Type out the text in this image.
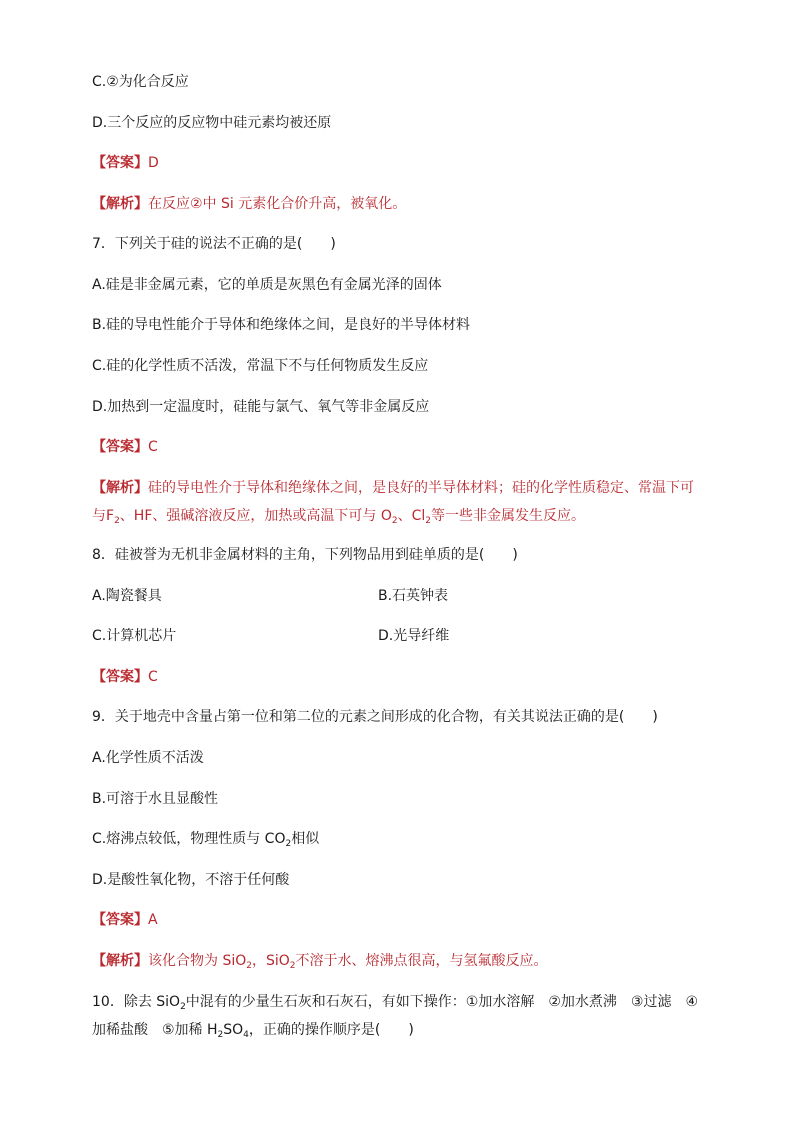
C.②为化合反应
D.三个反应的反应物中硅元素均被还原
【答案】D
【解析】在反应②中 Si 元素化合价升高，被氧化。
7．下列关于硅的说法不正确的是(　　)
A.硅是非金属元素，它的单质是灰黑色有金属光泽的固体
B.硅的导电性能介于导体和绝缘体之间，是良好的半导体材料
C.硅的化学性质不活泼，常温下不与任何物质发生反应
D.加热到一定温度时，硅能与氯气、氧气等非金属反应
【答案】C
【解析】硅的导电性介于导体和绝缘体之间，是良好的半导体材料；硅的化学性质稳定、常温下可
与$F_2$、HF、强碱溶液反应，加热或高温下可与 $O_2$、$Cl_2$等一些非金属发生反应。
8．硅被誉为无机非金属材料的主角，下列物品用到硅单质的是(　　)
A.陶瓷餐具	B.石英钟表
C.计算机芯片	D.光导纤维
【答案】C
9．关于地壳中含量占第一位和第二位的元素之间形成的化合物，有关其说法正确的是(　　)
A.化学性质不活泼
B.可溶于水且显酸性
C.熔沸点较低，物理性质与 $CO_2$相似
D.是酸性氧化物，不溶于任何酸
【答案】A
【解析】该化合物为 SiO$_2$，SiO$_2$不溶于水、熔沸点很高，与氢氟酸反应。
10．除去 SiO$_2$中混有的少量生石灰和石灰石，有如下操作：①加水溶解　②加水煮沸　③过滤　④
加稀盐酸　⑤加稀 $H_2SO_4$，正确的操作顺序是(　　)
